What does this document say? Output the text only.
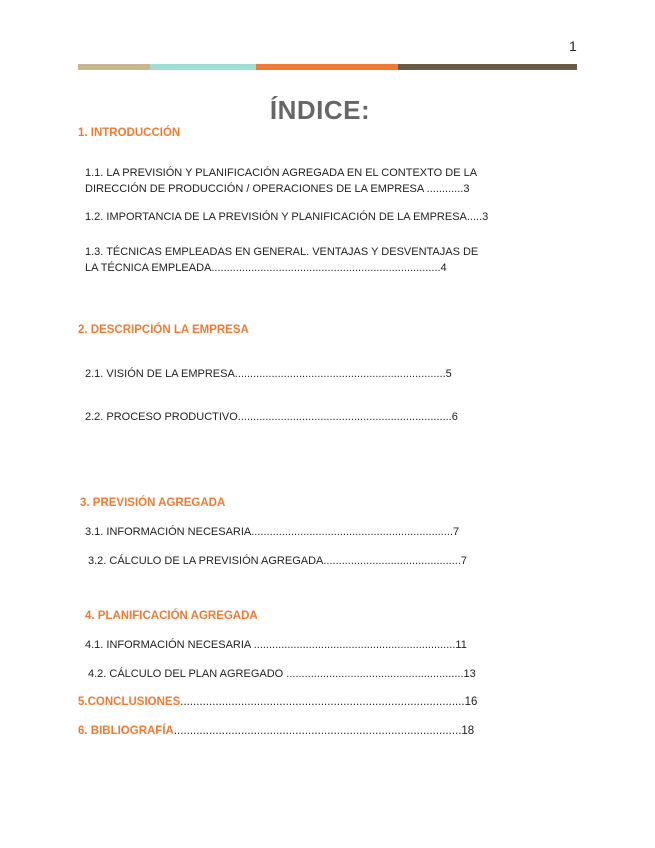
1
ÍNDICE:
1. INTRODUCCIÓN
1.1. LA PREVISIÓN Y PLANIFICACIÓN AGREGADA EN EL CONTEXTO DE LA
DIRECCIÓN DE PRODUCCIÓN / OPERACIONES DE LA EMPRESA ............3
1.2. IMPORTANCIA DE LA PREVISIÓN Y PLANIFICACIÓN DE LA EMPRESA.....3
1.3. TÉCNICAS EMPLEADAS EN GENERAL. VENTAJAS Y DESVENTAJAS DE
LA TÉCNICA EMPLEADA...........................................................................4
2. DESCRIPCIÓN LA EMPRESA
2.1. VISIÓN DE LA EMPRESA.....................................................................5
2.2. PROCESO PRODUCTIVO......................................................................6
3. PREVISIÓN AGREGADA
3.1. INFORMACIÓN NECESARIA..................................................................7
3.2. CÁLCULO DE LA PREVISIÓN AGREGADA.............................................7
4. PLANIFICACIÓN AGREGADA
4.1. INFORMACIÓN NECESARIA ..................................................................11
4.2. CÁLCULO DEL PLAN AGREGADO ..........................................................13
5.CONCLUSIONES.........................................................................................16
6. BIBLIOGRAFÍA..........................................................................................18
